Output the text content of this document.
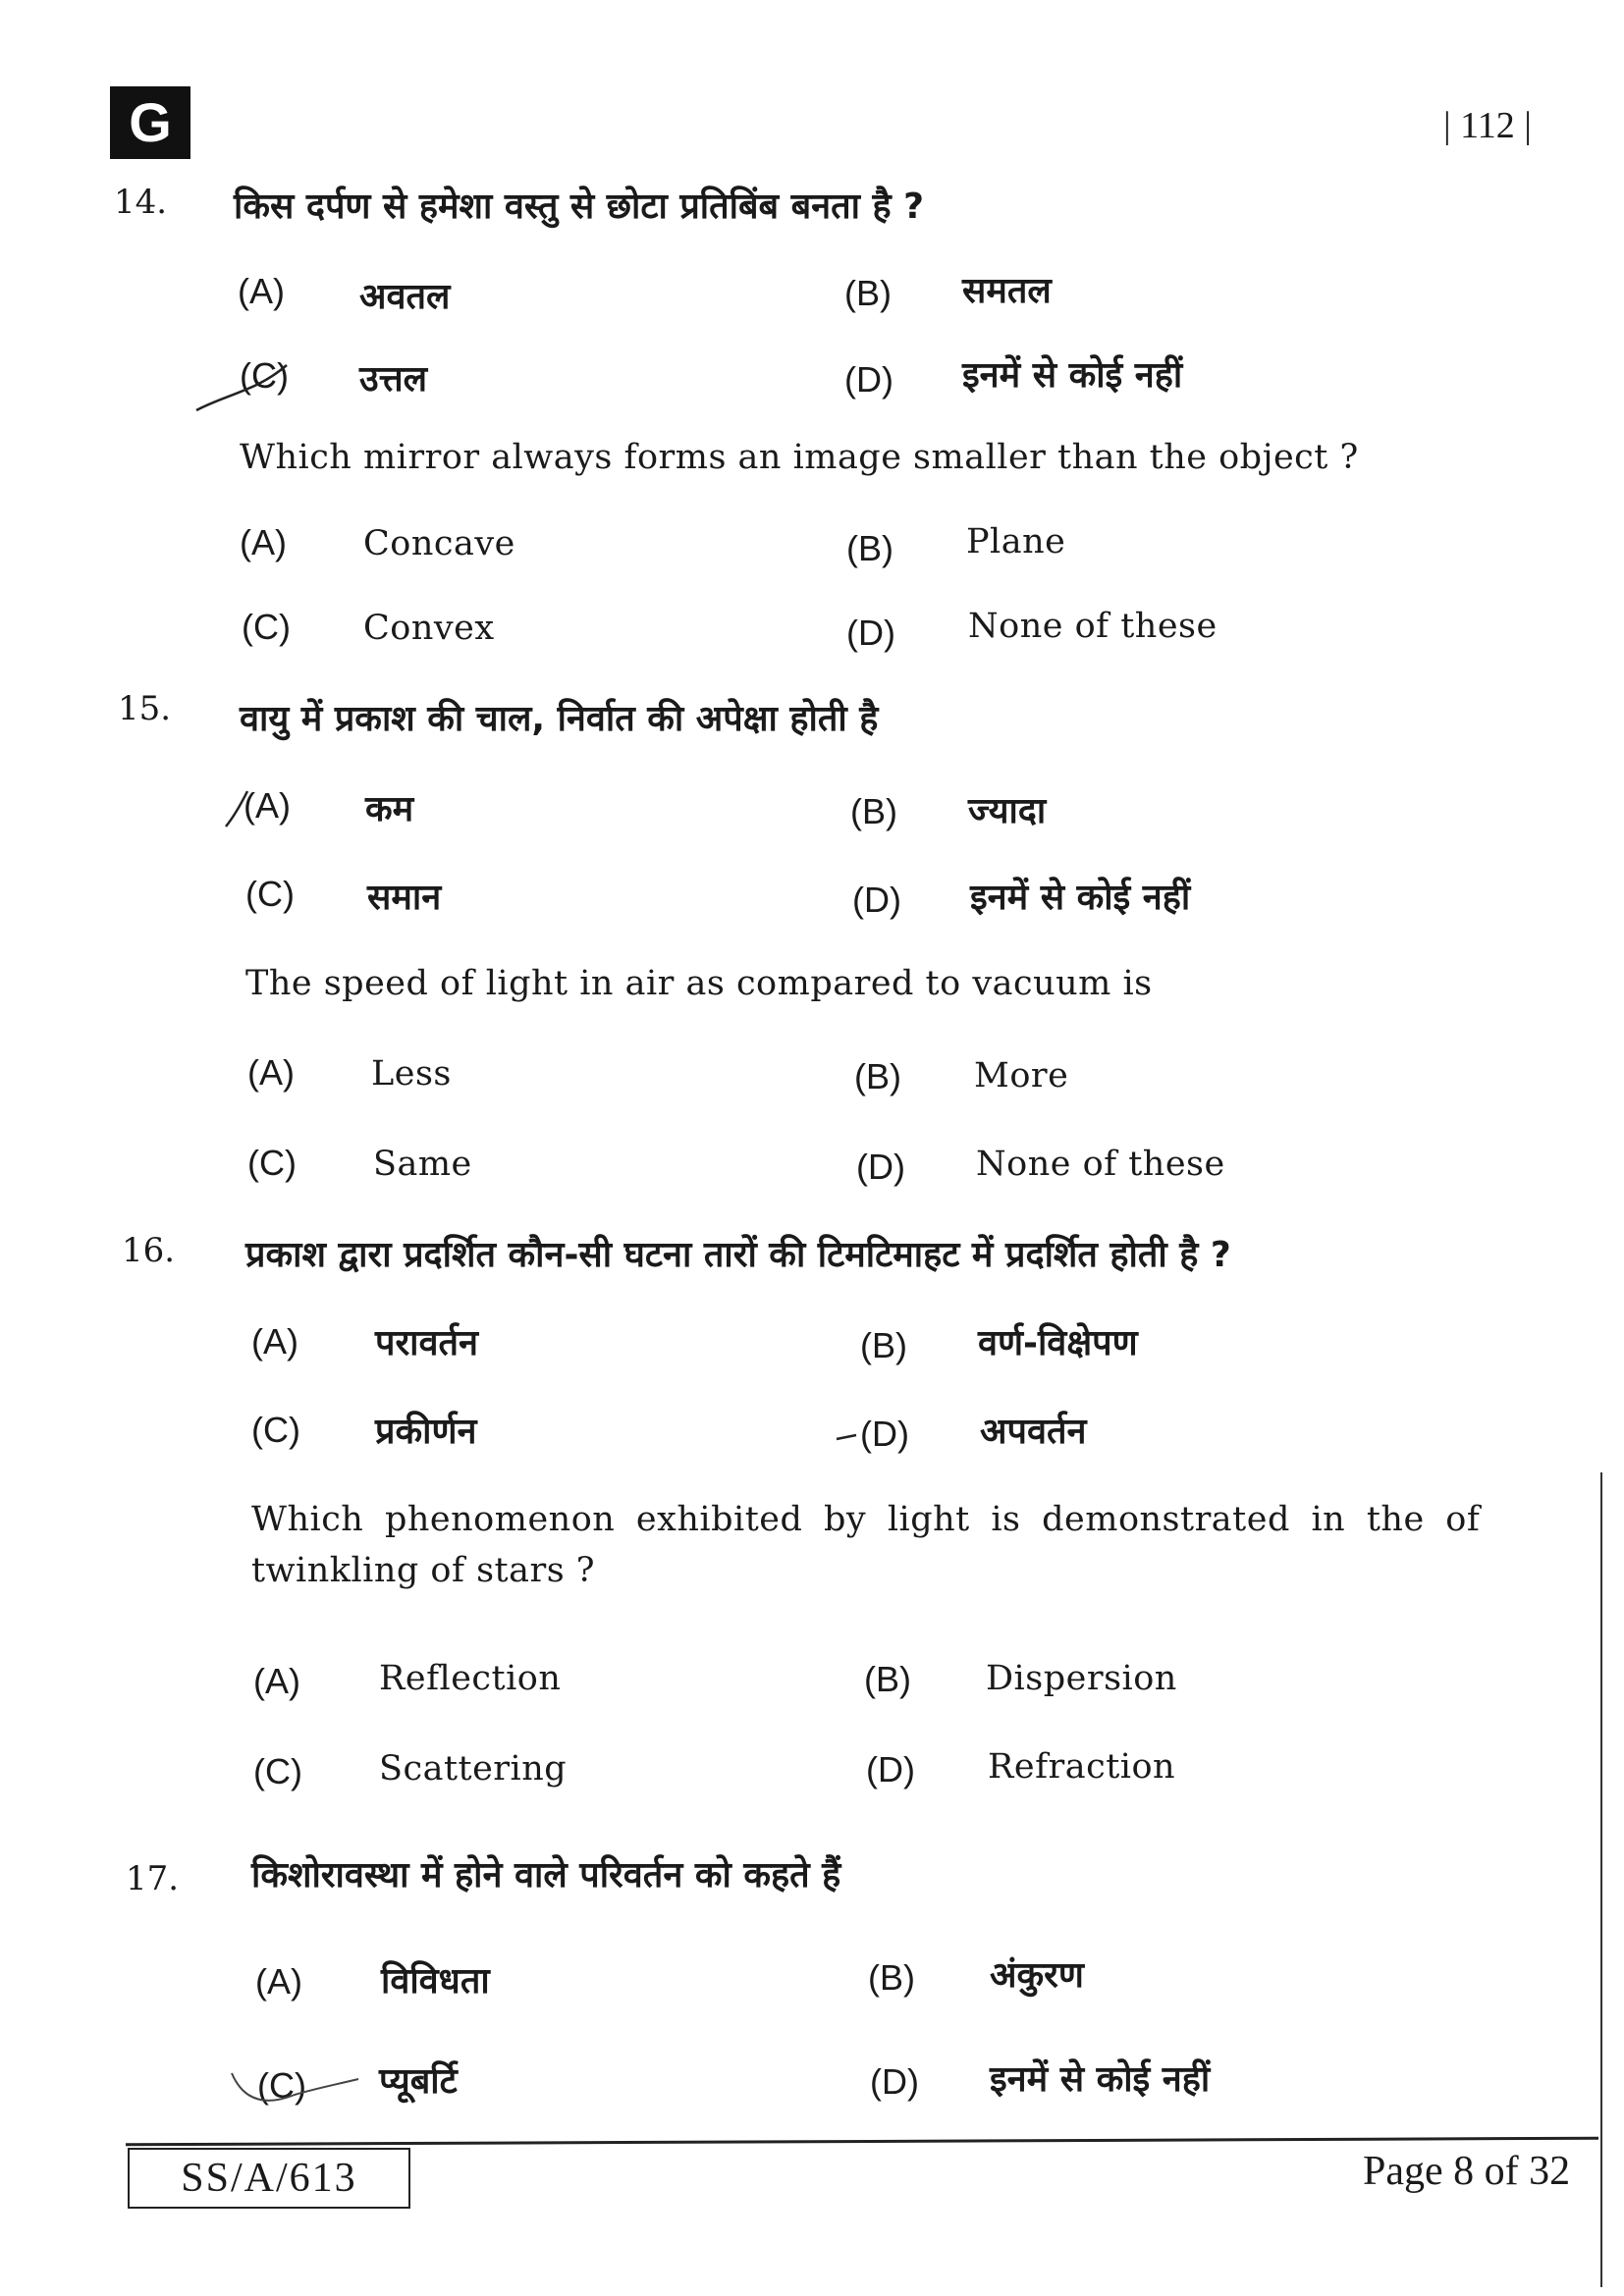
G	| 112 |
14. किस दर्पण से हमेशा वस्तु से छोटा प्रतिबिंब बनता है ?
(A) अवतल	(B) समतल
(C) उत्तल	(D) इनमें से कोई नहीं
Which mirror always forms an image smaller than the object ?
(A) Concave	(B) Plane
(C) Convex	(D) None of these
15. वायु में प्रकाश की चाल, निर्वात की अपेक्षा होती है
(A) कम	(B) ज्यादा
(C) समान	(D) इनमें से कोई नहीं
The speed of light in air as compared to vacuum is
(A) Less	(B) More
(C) Same	(D) None of these
16. प्रकाश द्वारा प्रदर्शित कौन-सी घटना तारों की टिमटिमाहट में प्रदर्शित होती है ?
(A) परावर्तन	(B) वर्ण-विक्षेपण
(C) प्रकीर्णन	(D) अपवर्तन
Which phenomenon exhibited by light is demonstrated in the of
twinkling of stars ?
(A) Reflection	(B) Dispersion
(C) Scattering	(D) Refraction
17. किशोरावस्था में होने वाले परिवर्तन को कहते हैं
(A) विविधता	(B) अंकुरण
(C) प्यूबर्टि	(D) इनमें से कोई नहीं
SS/A/613	Page 8 of 32
